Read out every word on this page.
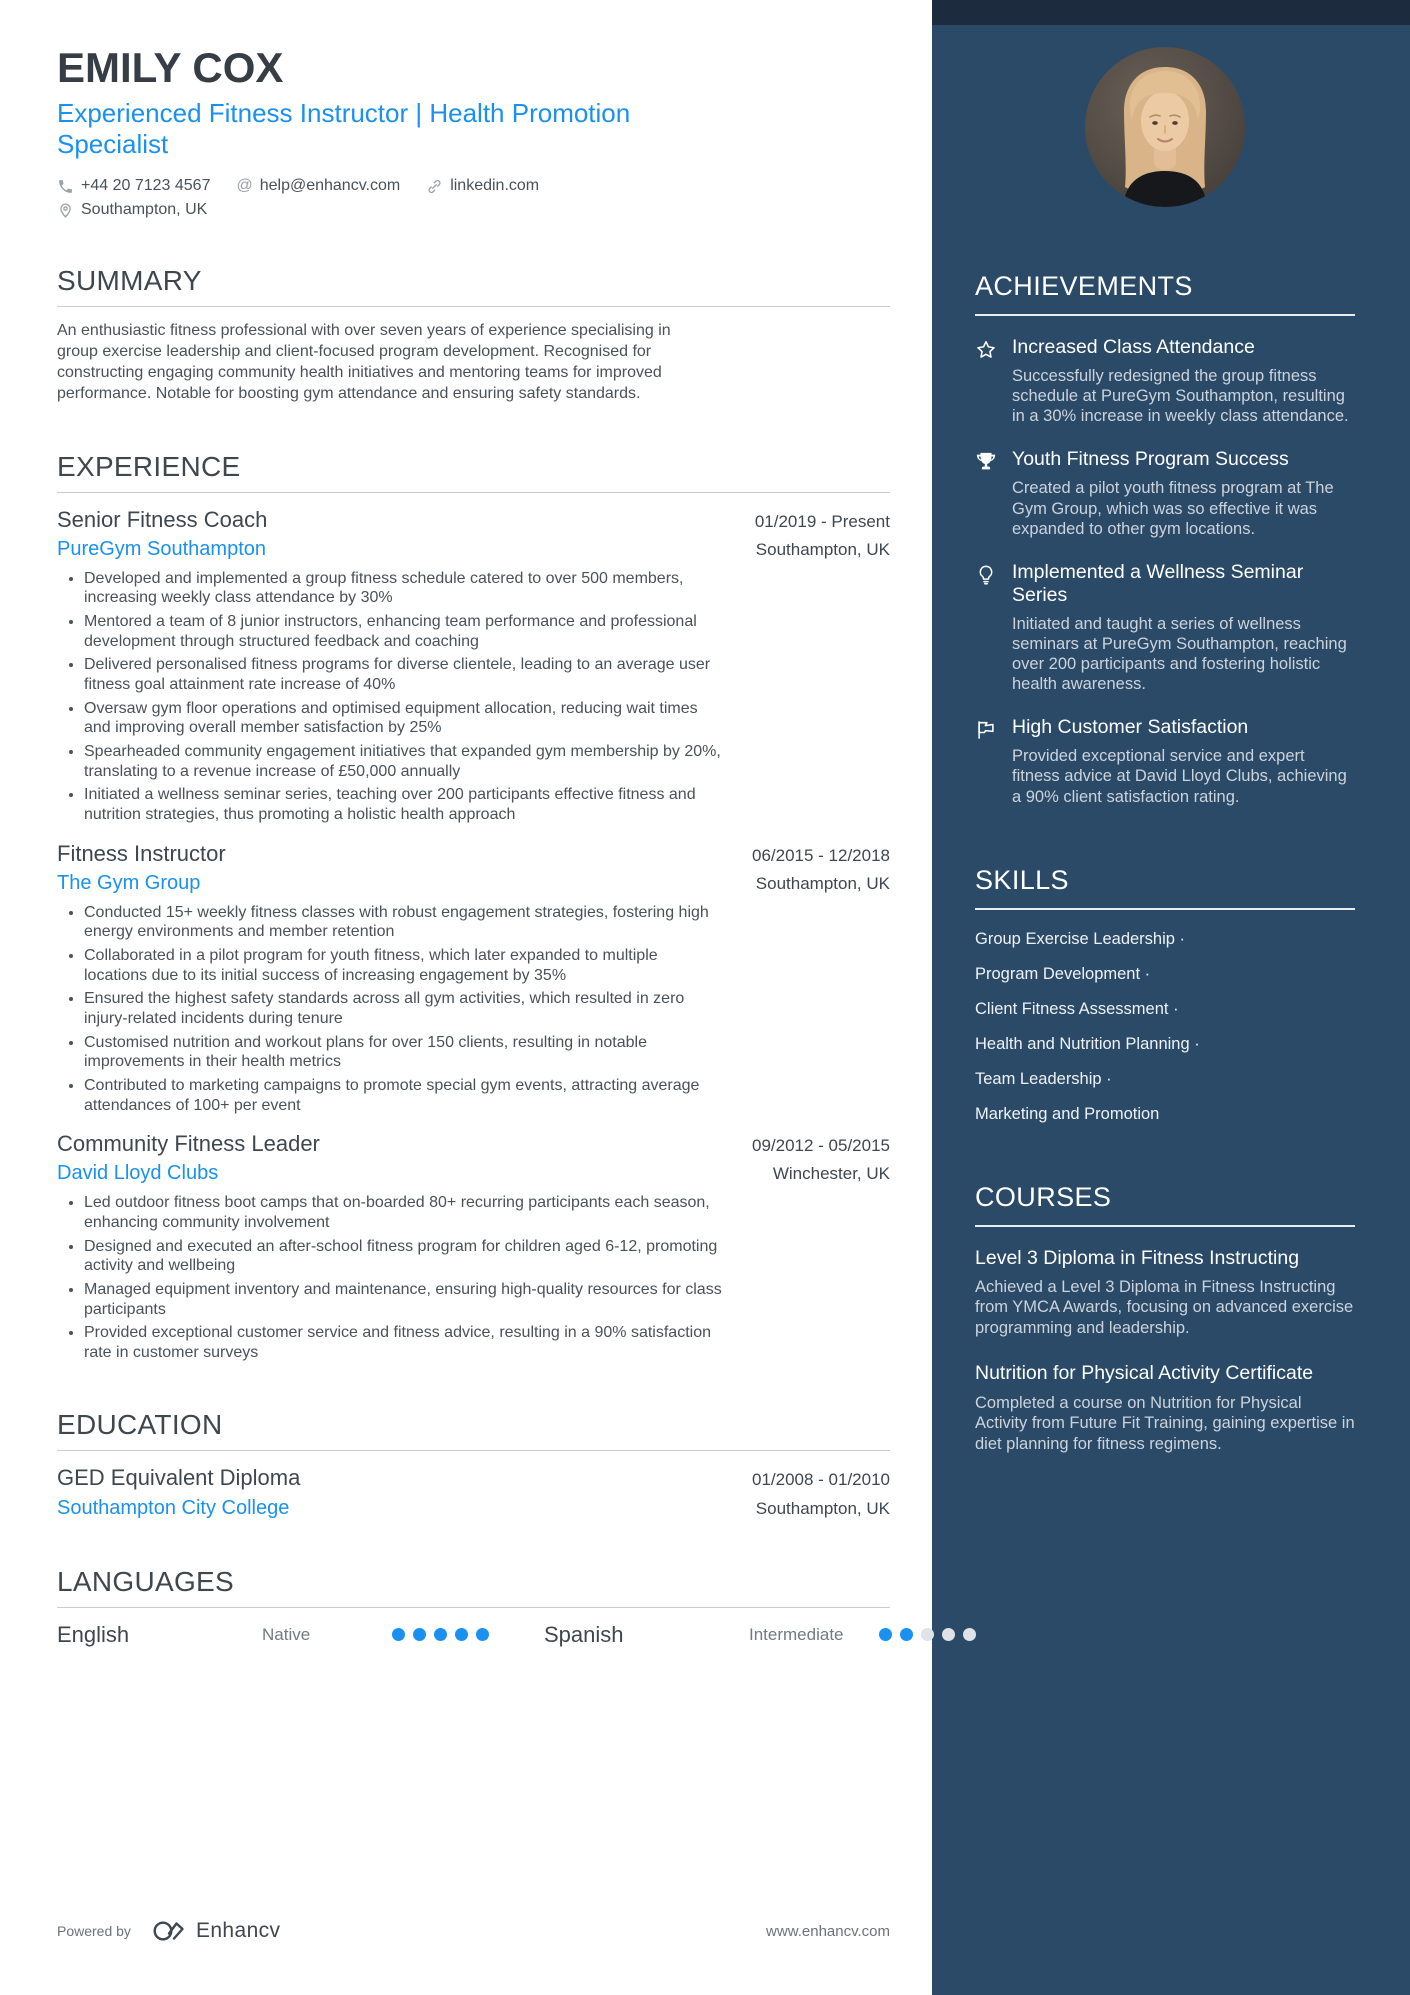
EMILY COX
Experienced Fitness Instructor | Health Promotion Specialist
+44 20 7123 4567 @ help@enhancv.com	linkedin.com
Southampton, UK
SUMMARY

An enthusiastic fitness professional with over seven years of experience specialising in group exercise leadership and client-focused program development. Recognised for constructing engaging community health initiatives and mentoring teams for improved performance. Notable for boosting gym attendance and ensuring safety standards.

EXPERIENCE
Senior Fitness Coach	01/2019 - Present
PureGym Southampton	Southampton, UK
• Developed and implemented a group fitness schedule catered to over 500 members, increasing weekly class attendance by 30%
• Mentored a team of 8 junior instructors, enhancing team performance and professional development through structured feedback and coaching
• Delivered personalised fitness programs for diverse clientele, leading to an average user fitness goal attainment rate increase of 40%
• Oversaw gym floor operations and optimised equipment allocation, reducing wait times and improving overall member satisfaction by 25%
• Spearheaded community engagement initiatives that expanded gym membership by 20%, translating to a revenue increase of £50,000 annually
• Initiated a wellness seminar series, teaching over 200 participants effective fitness and nutrition strategies, thus promoting a holistic health approach
Fitness Instructor	06/2015 - 12/2018
The Gym Group	Southampton, UK
• Conducted 15+ weekly fitness classes with robust engagement strategies, fostering high energy environments and member retention
• Collaborated in a pilot program for youth fitness, which later expanded to multiple locations due to its initial success of increasing engagement by 35%
• Ensured the highest safety standards across all gym activities, which resulted in zero injury-related incidents during tenure
• Customised nutrition and workout plans for over 150 clients, resulting in notable improvements in their health metrics
• Contributed to marketing campaigns to promote special gym events, attracting average attendances of 100+ per event
Community Fitness Leader	09/2012 - 05/2015
David Lloyd Clubs	Winchester, UK
• Led outdoor fitness boot camps that on-boarded 80+ recurring participants each season, enhancing community involvement
• Designed and executed an after-school fitness program for children aged 6-12, promoting activity and wellbeing
• Managed equipment inventory and maintenance, ensuring high-quality resources for class participants
• Provided exceptional customer service and fitness advice, resulting in a 90% satisfaction rate in customer surveys
EDUCATION
GED Equivalent Diploma	01/2008 - 01/2010
Southampton City College	Southampton, UK
LANGUAGES
English	Native	Spanish	Intermediate
Powered by	Enhancv	www.enhancv.com
ACHIEVEMENTS
Increased Class Attendance
Successfully redesigned the group fitness schedule at PureGym Southampton, resulting in a 30% increase in weekly class attendance.
Youth Fitness Program Success
Created a pilot youth fitness program at The Gym Group, which was so effective it was expanded to other gym locations.
Implemented a Wellness Seminar Series
Initiated and taught a series of wellness seminars at PureGym Southampton, reaching over 200 participants and fostering holistic health awareness.
High Customer Satisfaction
Provided exceptional service and expert fitness advice at David Lloyd Clubs, achieving a 90% client satisfaction rating.
SKILLS
Group Exercise Leadership ·
Program Development ·
Client Fitness Assessment ·
Health and Nutrition Planning ·
Team Leadership ·
Marketing and Promotion
COURSES
Level 3 Diploma in Fitness Instructing
Achieved a Level 3 Diploma in Fitness Instructing from YMCA Awards, focusing on advanced exercise programming and leadership.
Nutrition for Physical Activity Certificate
Completed a course on Nutrition for Physical Activity from Future Fit Training, gaining expertise in diet planning for fitness regimens.
